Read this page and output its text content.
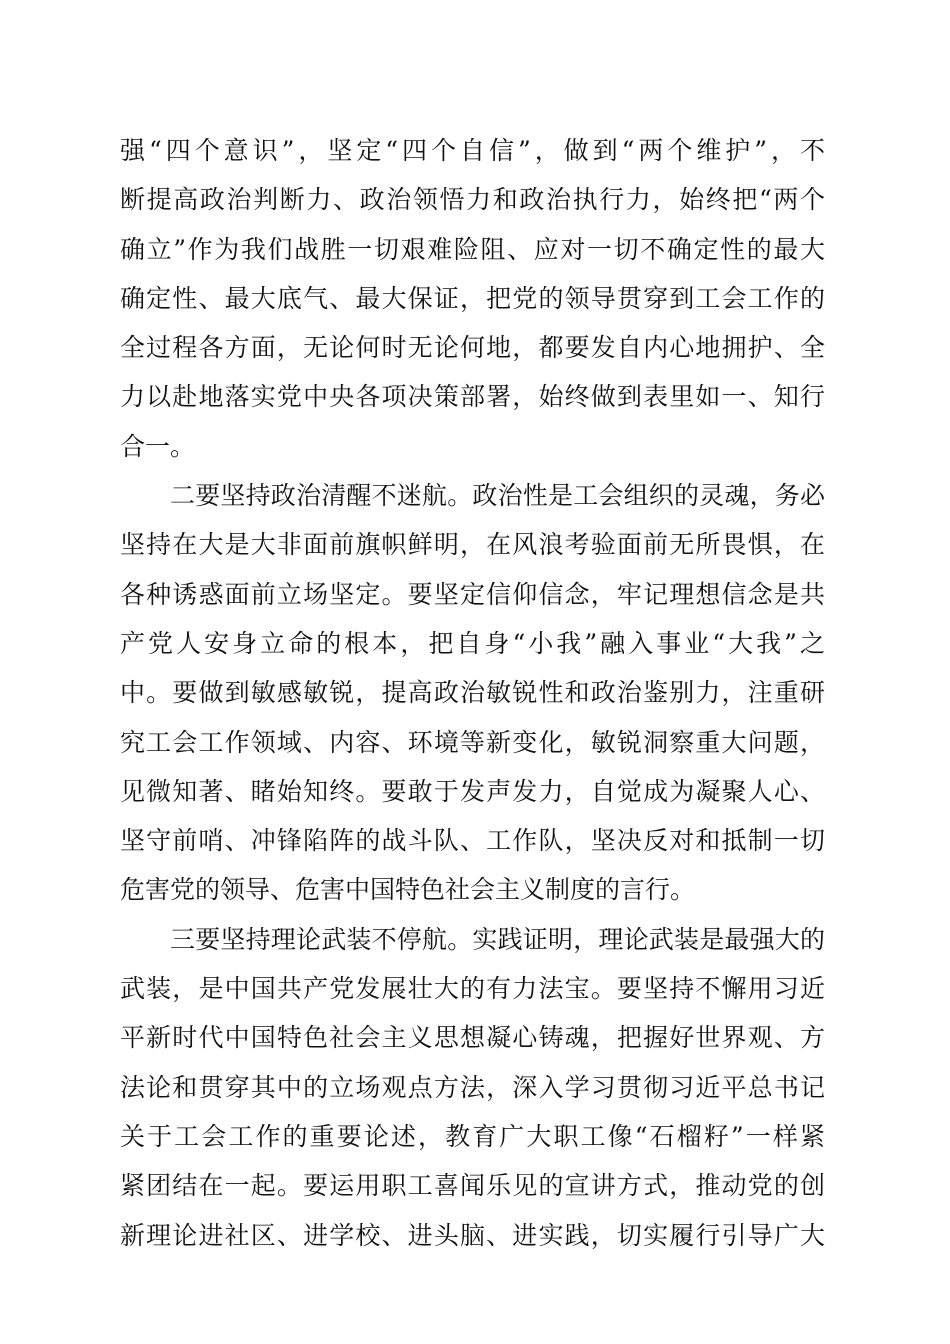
强“四个意识”，坚定“四个自信”，做到“两个维护”，不
断提高政治判断力、政治领悟力和政治执行力，始终把“两个
确立”作为我们战胜一切艰难险阻、应对一切不确定性的最大
确定性、最大底气、最大保证，把党的领导贯穿到工会工作的
全过程各方面，无论何时无论何地，都要发自内心地拥护、全
力以赴地落实党中央各项决策部署，始终做到表里如一、知行
合一。
二要坚持政治清醒不迷航。政治性是工会组织的灵魂，务必
坚持在大是大非面前旗帜鲜明，在风浪考验面前无所畏惧，在
各种诱惑面前立场坚定。要坚定信仰信念，牢记理想信念是共
产党人安身立命的根本，把自身“小我”融入事业“大我”之
中。要做到敏感敏锐，提高政治敏锐性和政治鉴别力，注重研
究工会工作领域、内容、环境等新变化，敏锐洞察重大问题，
见微知著、睹始知终。要敢于发声发力，自觉成为凝聚人心、
坚守前哨、冲锋陷阵的战斗队、工作队，坚决反对和抵制一切
危害党的领导、危害中国特色社会主义制度的言行。
三要坚持理论武装不停航。实践证明，理论武装是最强大的
武装，是中国共产党发展壮大的有力法宝。要坚持不懈用习近
平新时代中国特色社会主义思想凝心铸魂，把握好世界观、方
法论和贯穿其中的立场观点方法，深入学习贯彻习近平总书记
关于工会工作的重要论述，教育广大职工像“石榴籽”一样紧
紧团结在一起。要运用职工喜闻乐见的宣讲方式，推动党的创
新理论进社区、进学校、进头脑、进实践，切实履行引导广大
